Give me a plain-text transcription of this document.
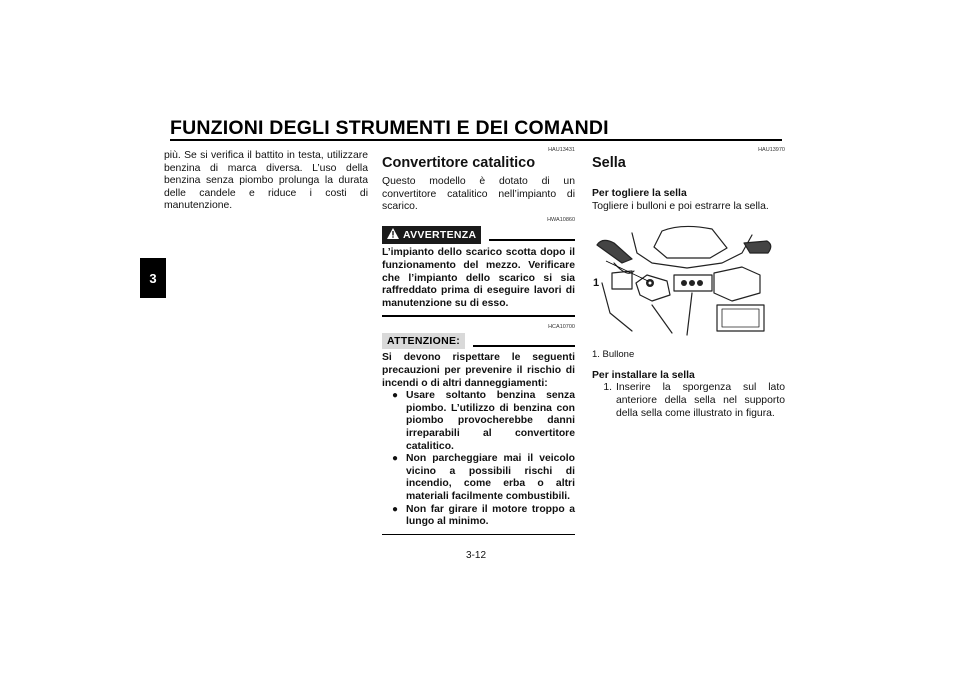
FUNZIONI DEGLI STRUMENTI E DEI COMANDI
3

più. Se si verifica il battito in testa, utilizzare benzina di marca diversa. L’uso della benzina senza piombo prolunga la durata delle candele e riduce i costi di manutenzione.

HAU13431

Convertitore catalitico

Questo modello è dotato di un convertitore catalitico nell’impianto di scarico.

HWA10860

AVVERTENZA

L’impianto dello scarico scotta dopo il funzionamento del mezzo. Verificare che l’impianto dello scarico si sia raffreddato prima di eseguire lavori di manutenzione su di esso.

HCA10700

ATTENZIONE:

Si devono rispettare le seguenti precauzioni per prevenire il rischio di incendi o di altri danneggiamenti:

● Usare soltanto benzina senza piombo. L’utilizzo di benzina con piombo provocherebbe danni irreparabili al convertitore catalitico.
● Non parcheggiare mai il veicolo vicino a possibili rischi di incendio, come erba o altri materiali facilmente combustibili.
● Non far girare il motore troppo a lungo al minimo.

HAU13970

Sella

Per togliere la sella

Togliere i bulloni e poi estrarre la sella.

1

1. Bullone

Per installare la sella

1. Inserire la sporgenza sul lato anteriore della sella nel supporto della sella come illustrato in figura.
3-12
